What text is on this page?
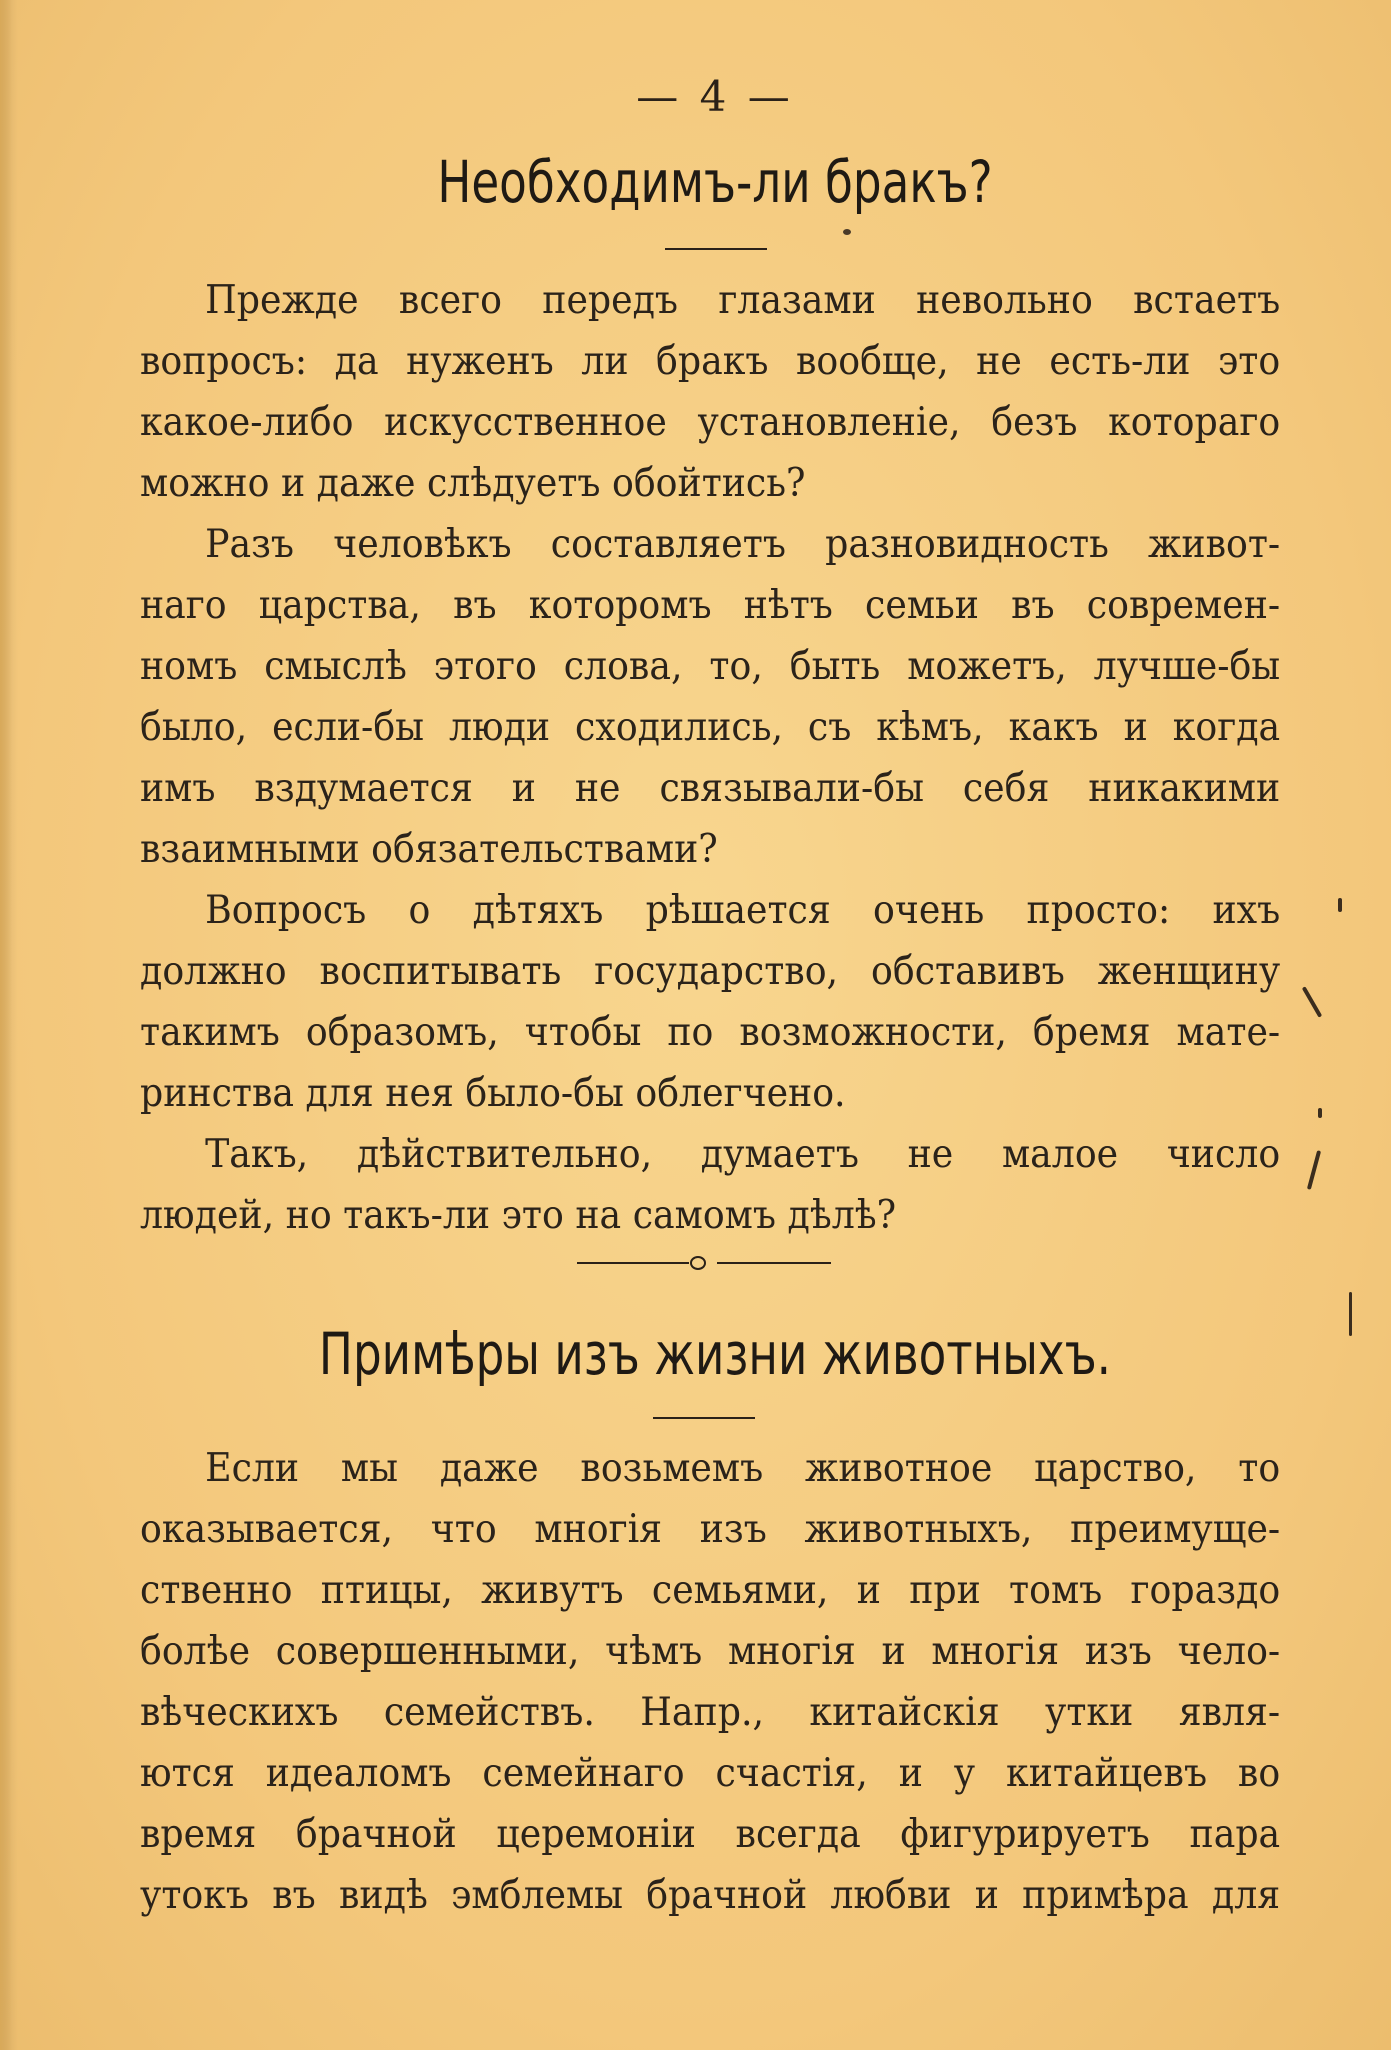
— 4 —
Необходимъ-ли бракъ?
Прежде всего передъ глазами невольно встаетъ
вопросъ: да нуженъ ли бракъ вообще, не есть-ли это
какое-либо искусственное установленіе, безъ котораго
можно и даже слѣдуетъ обойтись?
Разъ человѣкъ составляетъ разновидность живот-
наго царства, въ которомъ нѣтъ семьи въ современ-
номъ смыслѣ этого слова, то, быть можетъ, лучше-бы
было, если-бы люди сходились, съ кѣмъ, какъ и когда
имъ вздумается и не связывали-бы себя никакими
взаимными обязательствами?
Вопросъ о дѣтяхъ рѣшается очень просто: ихъ
должно воспитывать государство, обставивъ женщину
такимъ образомъ, чтобы по возможности, бремя мате-
ринства для нея было-бы облегчено.
Такъ, дѣйствительно, думаетъ не малое число
людей, но такъ-ли это на самомъ дѣлѣ?
Примѣры изъ жизни животныхъ.
Если мы даже возьмемъ животное царство, то
оказывается, что многія изъ животныхъ, преимуще-
ственно птицы, живутъ семьями, и при томъ гораздо
болѣе совершенными, чѣмъ многія и многія изъ чело-
вѣческихъ семействъ. Напр., китайскія утки явля-
ются идеаломъ семейнаго счастія, и у китайцевъ во
время брачной церемоніи всегда фигурируетъ пара
утокъ въ видѣ эмблемы брачной любви и примѣра для
